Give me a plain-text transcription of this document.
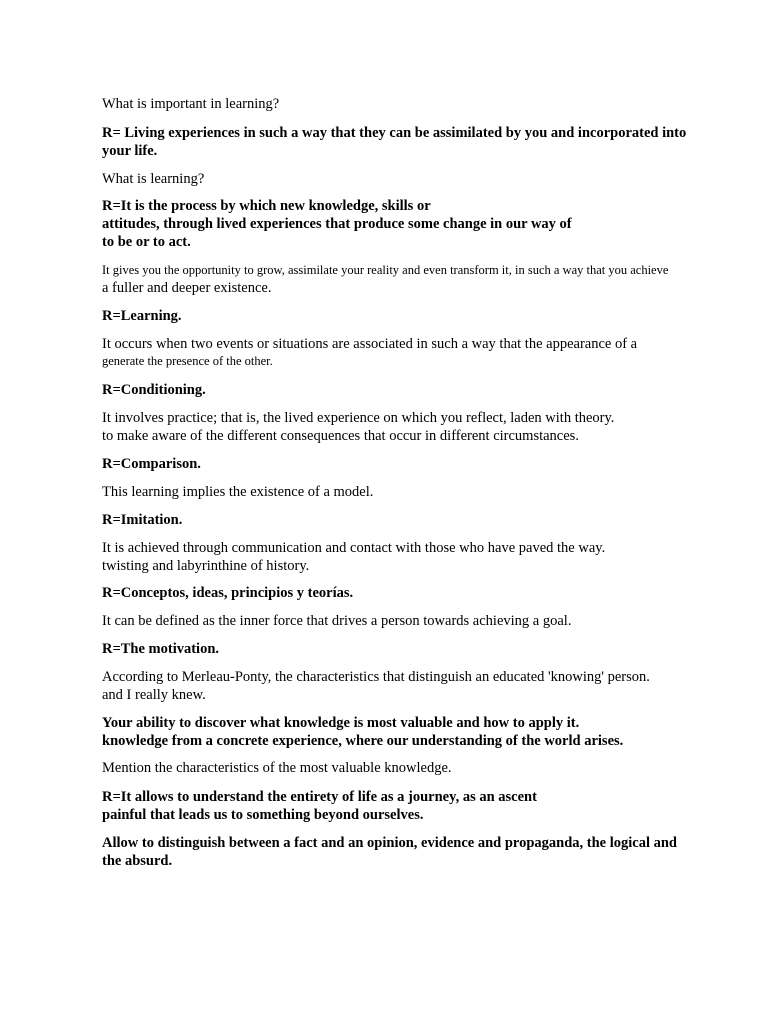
What is important in learning?
R= Living experiences in such a way that they can be assimilated by you and incorporated into
your life.
What is learning?
R=It is the process by which new knowledge, skills or
attitudes, through lived experiences that produce some change in our way of
to be or to act.
It gives you the opportunity to grow, assimilate your reality and even transform it, in such a way that you achieve
a fuller and deeper existence.
R=Learning.
It occurs when two events or situations are associated in such a way that the appearance of a
generate the presence of the other.
R=Conditioning.
It involves practice; that is, the lived experience on which you reflect, laden with theory.
to make aware of the different consequences that occur in different circumstances.
R=Comparison.
This learning implies the existence of a model.
R=Imitation.
It is achieved through communication and contact with those who have paved the way.
twisting and labyrinthine of history.
R=Conceptos, ideas, principios y teorías.
It can be defined as the inner force that drives a person towards achieving a goal.
R=The motivation.
According to Merleau-Ponty, the characteristics that distinguish an educated 'knowing' person.
and I really knew.
Your ability to discover what knowledge is most valuable and how to apply it.
knowledge from a concrete experience, where our understanding of the world arises.
Mention the characteristics of the most valuable knowledge.
R=It allows to understand the entirety of life as a journey, as an ascent
painful that leads us to something beyond ourselves.
Allow to distinguish between a fact and an opinion, evidence and propaganda, the logical and
the absurd.
